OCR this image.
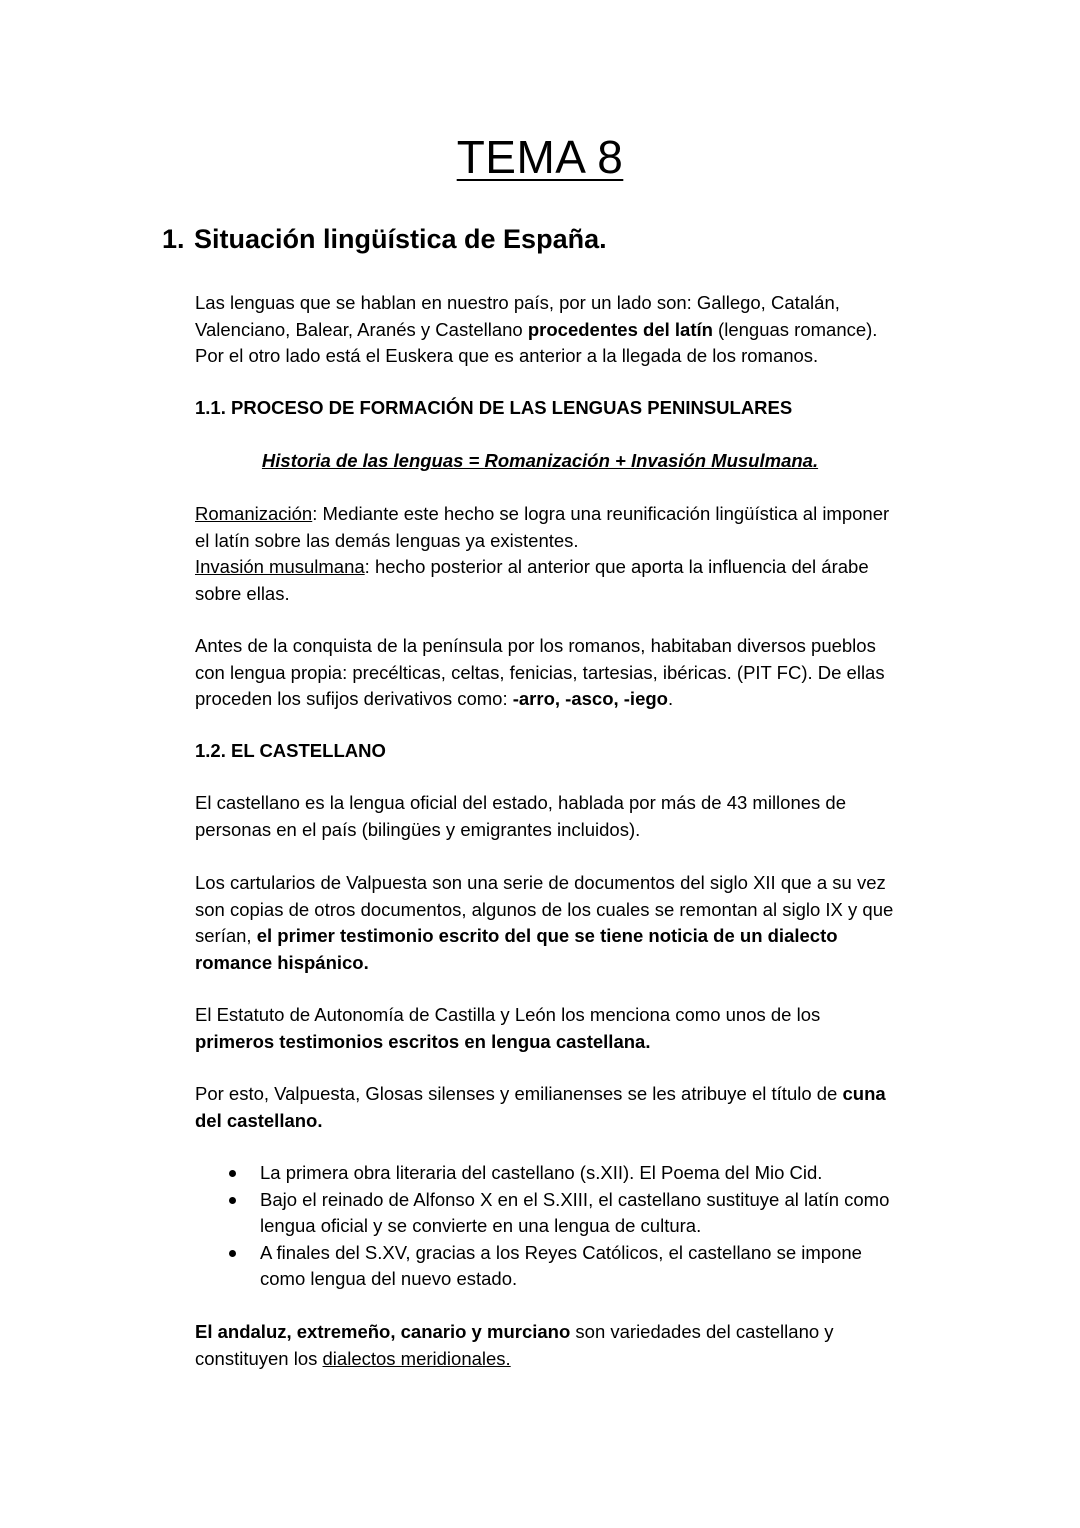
TEMA 8
1. Situación lingüística de España.

Las lenguas que se hablan en nuestro país, por un lado son: Gallego, Catalán,
Valenciano, Balear, Aranés y Castellano procedentes del latín (lenguas romance).
Por el otro lado está el Euskera que es anterior a la llegada de los romanos.

1.1. PROCESO DE FORMACIÓN DE LAS LENGUAS PENINSULARES

Historia de las lenguas = Romanización + Invasión Musulmana.

Romanización: Mediante este hecho se logra una reunificación lingüística al imponer
el latín sobre las demás lenguas ya existentes.
Invasión musulmana: hecho posterior al anterior que aporta la influencia del árabe
sobre ellas.

Antes de la conquista de la península por los romanos, habitaban diversos pueblos
con lengua propia: precélticas, celtas, fenicias, tartesias, ibéricas. (PIT FC). De ellas
proceden los sufijos derivativos como: -arro, -asco, -iego.

1.2. EL CASTELLANO

El castellano es la lengua oficial del estado, hablada por más de 43 millones de
personas en el país (bilingües y emigrantes incluidos).

Los cartularios de Valpuesta son una serie de documentos del siglo XII que a su vez
son copias de otros documentos, algunos de los cuales se remontan al siglo IX y que
serían, el primer testimonio escrito del que se tiene noticia de un dialecto
romance hispánico.

El Estatuto de Autonomía de Castilla y León los menciona como unos de los
primeros testimonios escritos en lengua castellana.

Por esto, Valpuesta, Glosas silenses y emilianenses se les atribuye el título de cuna
del castellano.

La primera obra literaria del castellano (s.XII). El Poema del Mio Cid.
Bajo el reinado de Alfonso X en el S.XIII, el castellano sustituye al latín como
lengua oficial y se convierte en una lengua de cultura.
A finales del S.XV, gracias a los Reyes Católicos, el castellano se impone
como lengua del nuevo estado.

El andaluz, extremeño, canario y murciano son variedades del castellano y
constituyen los dialectos meridionales.
